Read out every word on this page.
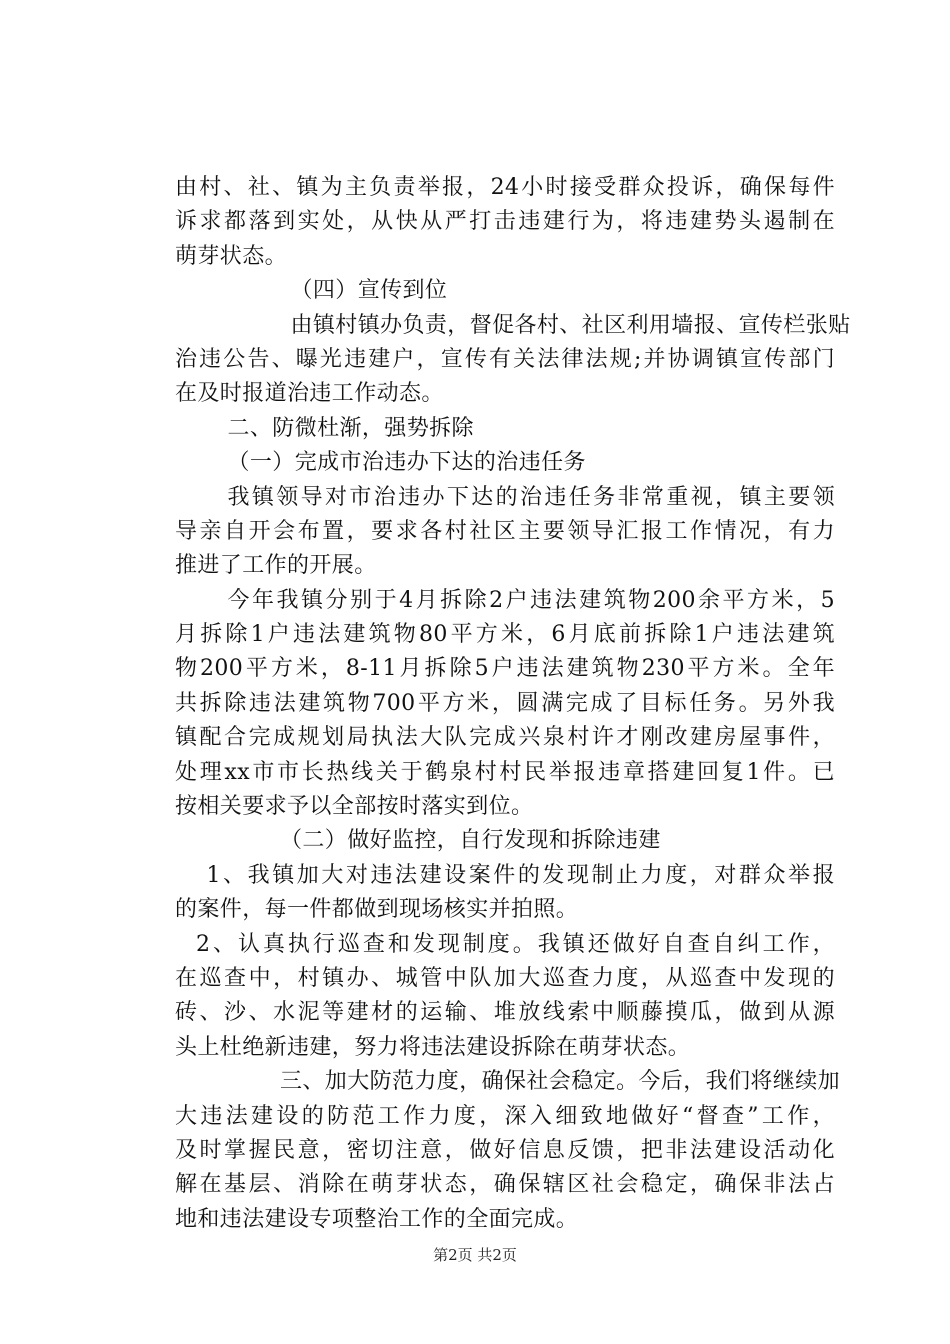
由村、社、镇为主负责举报，24小时接受群众投诉，确保每件
诉求都落到实处，从快从严打击违建行为，将违建势头遏制在
萌芽状态。
（四）宣传到位
由镇村镇办负责，督促各村、社区利用墙报、宣传栏张贴
治违公告、曝光违建户，宣传有关法律法规;并协调镇宣传部门
在及时报道治违工作动态。
二、防微杜渐，强势拆除
（一）完成市治违办下达的治违任务
我镇领导对市治违办下达的治违任务非常重视，镇主要领
导亲自开会布置，要求各村社区主要领导汇报工作情况，有力
推进了工作的开展。
今年我镇分别于4月拆除2户违法建筑物200余平方米，5
月拆除1户违法建筑物80平方米，6月底前拆除1户违法建筑
物200平方米，8-11月拆除5户违法建筑物230平方米。全年
共拆除违法建筑物700平方米，圆满完成了目标任务。另外我
镇配合完成规划局执法大队完成兴泉村许才刚改建房屋事件，
处理xx市市长热线关于鹤泉村村民举报违章搭建回复1件。已
按相关要求予以全部按时落实到位。
（二）做好监控，自行发现和拆除违建
1、我镇加大对违法建设案件的发现制止力度，对群众举报
的案件，每一件都做到现场核实并拍照。
2、认真执行巡查和发现制度。我镇还做好自查自纠工作，
在巡查中，村镇办、城管中队加大巡查力度，从巡查中发现的
砖、沙、水泥等建材的运输、堆放线索中顺藤摸瓜，做到从源
头上杜绝新违建，努力将违法建设拆除在萌芽状态。
三、加大防范力度，确保社会稳定。今后，我们将继续加
大违法建设的防范工作力度，深入细致地做好“督查”工作，
及时掌握民意，密切注意，做好信息反馈，把非法建设活动化
解在基层、消除在萌芽状态，确保辖区社会稳定，确保非法占
地和违法建设专项整治工作的全面完成。
第2页 共2页
